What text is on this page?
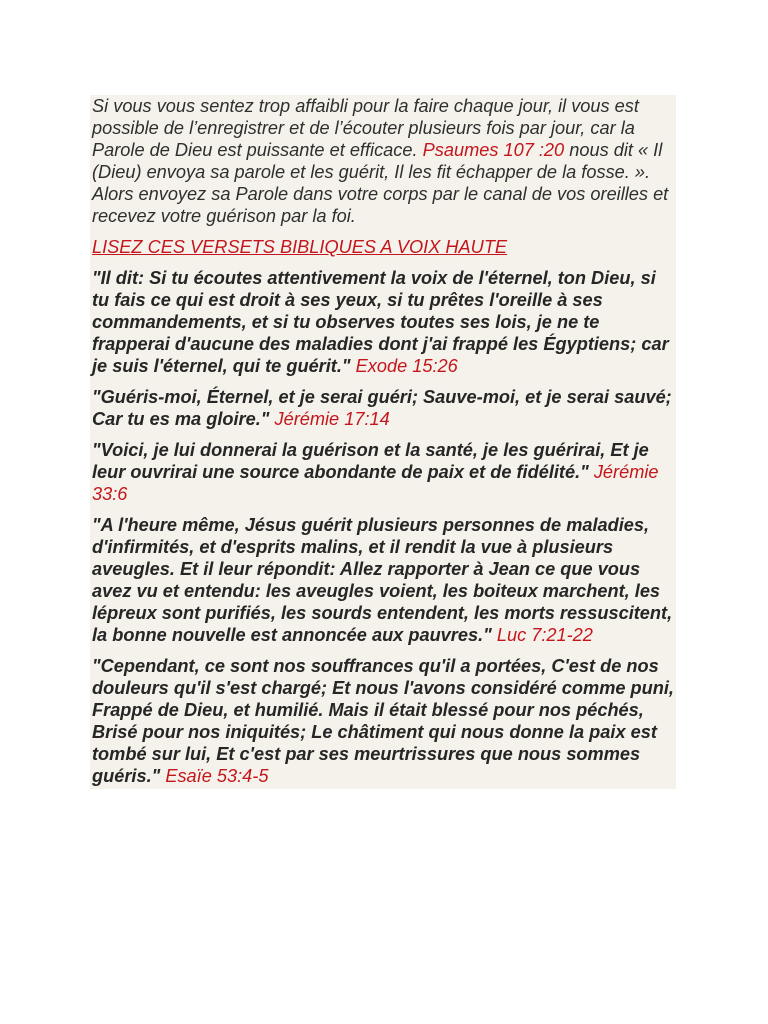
Si vous vous sentez trop affaibli pour la faire chaque jour, il vous est possible de l’enregistrer et de l’écouter plusieurs fois par jour, car la Parole de Dieu est puissante et efficace. Psaumes 107 :20 nous dit « Il (Dieu) envoya sa parole et les guérit, Il les fit échapper de la fosse. ». Alors envoyez sa Parole dans votre corps par le canal de vos oreilles et recevez votre guérison par la foi.

LISEZ CES VERSETS BIBLIQUES A VOIX HAUTE

"Il dit: Si tu écoutes attentivement la voix de l'éternel, ton Dieu, si tu fais ce qui est droit à ses yeux, si tu prêtes l'oreille à ses commandements, et si tu observes toutes ses lois, je ne te frapperai d'aucune des maladies dont j'ai frappé les Égyptiens; car je suis l'éternel, qui te guérit." Exode 15:26

"Guéris-moi, Éternel, et je serai guéri; Sauve-moi, et je serai sauvé; Car tu es ma gloire." Jérémie 17:14

"Voici, je lui donnerai la guérison et la santé, je les guérirai, Et je leur ouvrirai une source abondante de paix et de fidélité." Jérémie 33:6

"A l'heure même, Jésus guérit plusieurs personnes de maladies, d'infirmités, et d'esprits malins, et il rendit la vue à plusieurs aveugles. Et il leur répondit: Allez rapporter à Jean ce que vous avez vu et entendu: les aveugles voient, les boiteux marchent, les lépreux sont purifiés, les sourds entendent, les morts ressuscitent, la bonne nouvelle est annoncée aux pauvres." Luc 7:21-22

"Cependant, ce sont nos souffrances qu'il a portées, C'est de nos douleurs qu'il s'est chargé; Et nous l'avons considéré comme puni, Frappé de Dieu, et humilié. Mais il était blessé pour nos péchés, Brisé pour nos iniquités; Le châtiment qui nous donne la paix est tombé sur lui, Et c'est par ses meurtrissures que nous sommes guéris." Esaïe 53:4-5
